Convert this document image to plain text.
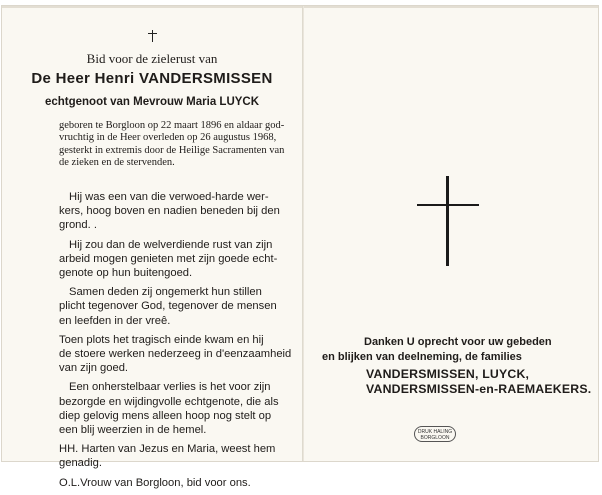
Bid voor de zielerust van
De Heer Henri VANDERSMISSEN
echtgenoot van Mevrouw Maria LUYCK
geboren te Borgloon op 22 maart 1896 en aldaar god-
vruchtig in de Heer overleden op 26 augustus 1968,
gesterkt in extremis door de Heilige Sacramenten van
de zieken en de stervenden.
Hij was een van die verwoed-harde wer-
kers, hoog boven en nadien beneden bij den
grond. .
Hij zou dan de welverdiende rust van zijn
arbeid mogen genieten met zijn goede echt-
genote op hun buitengoed.
Samen deden zij ongemerkt hun stillen
plicht tegenover God, tegenover de mensen
en leefden in der vreê.
Toen plots het tragisch einde kwam en hij
de stoere werken nederzeeg in d'eenzaamheid
van zijn goed.
Een onherstelbaar verlies is het voor zijn
bezorgde en wijdingvolle echtgenote, die als
diep gelovig mens alleen hoop nog stelt op
een blij weerzien in de hemel.
HH. Harten van Jezus en Maria, weest hem
genadig.
O.L.Vrouw van Borgloon, bid voor ons.
Danken U oprecht voor uw gebeden
en blijken van deelneming, de families
VANDERSMISSEN, LUYCK,
VANDERSMISSEN-en-RAEMAEKERS.
DRUK HALING
BORGLOON
